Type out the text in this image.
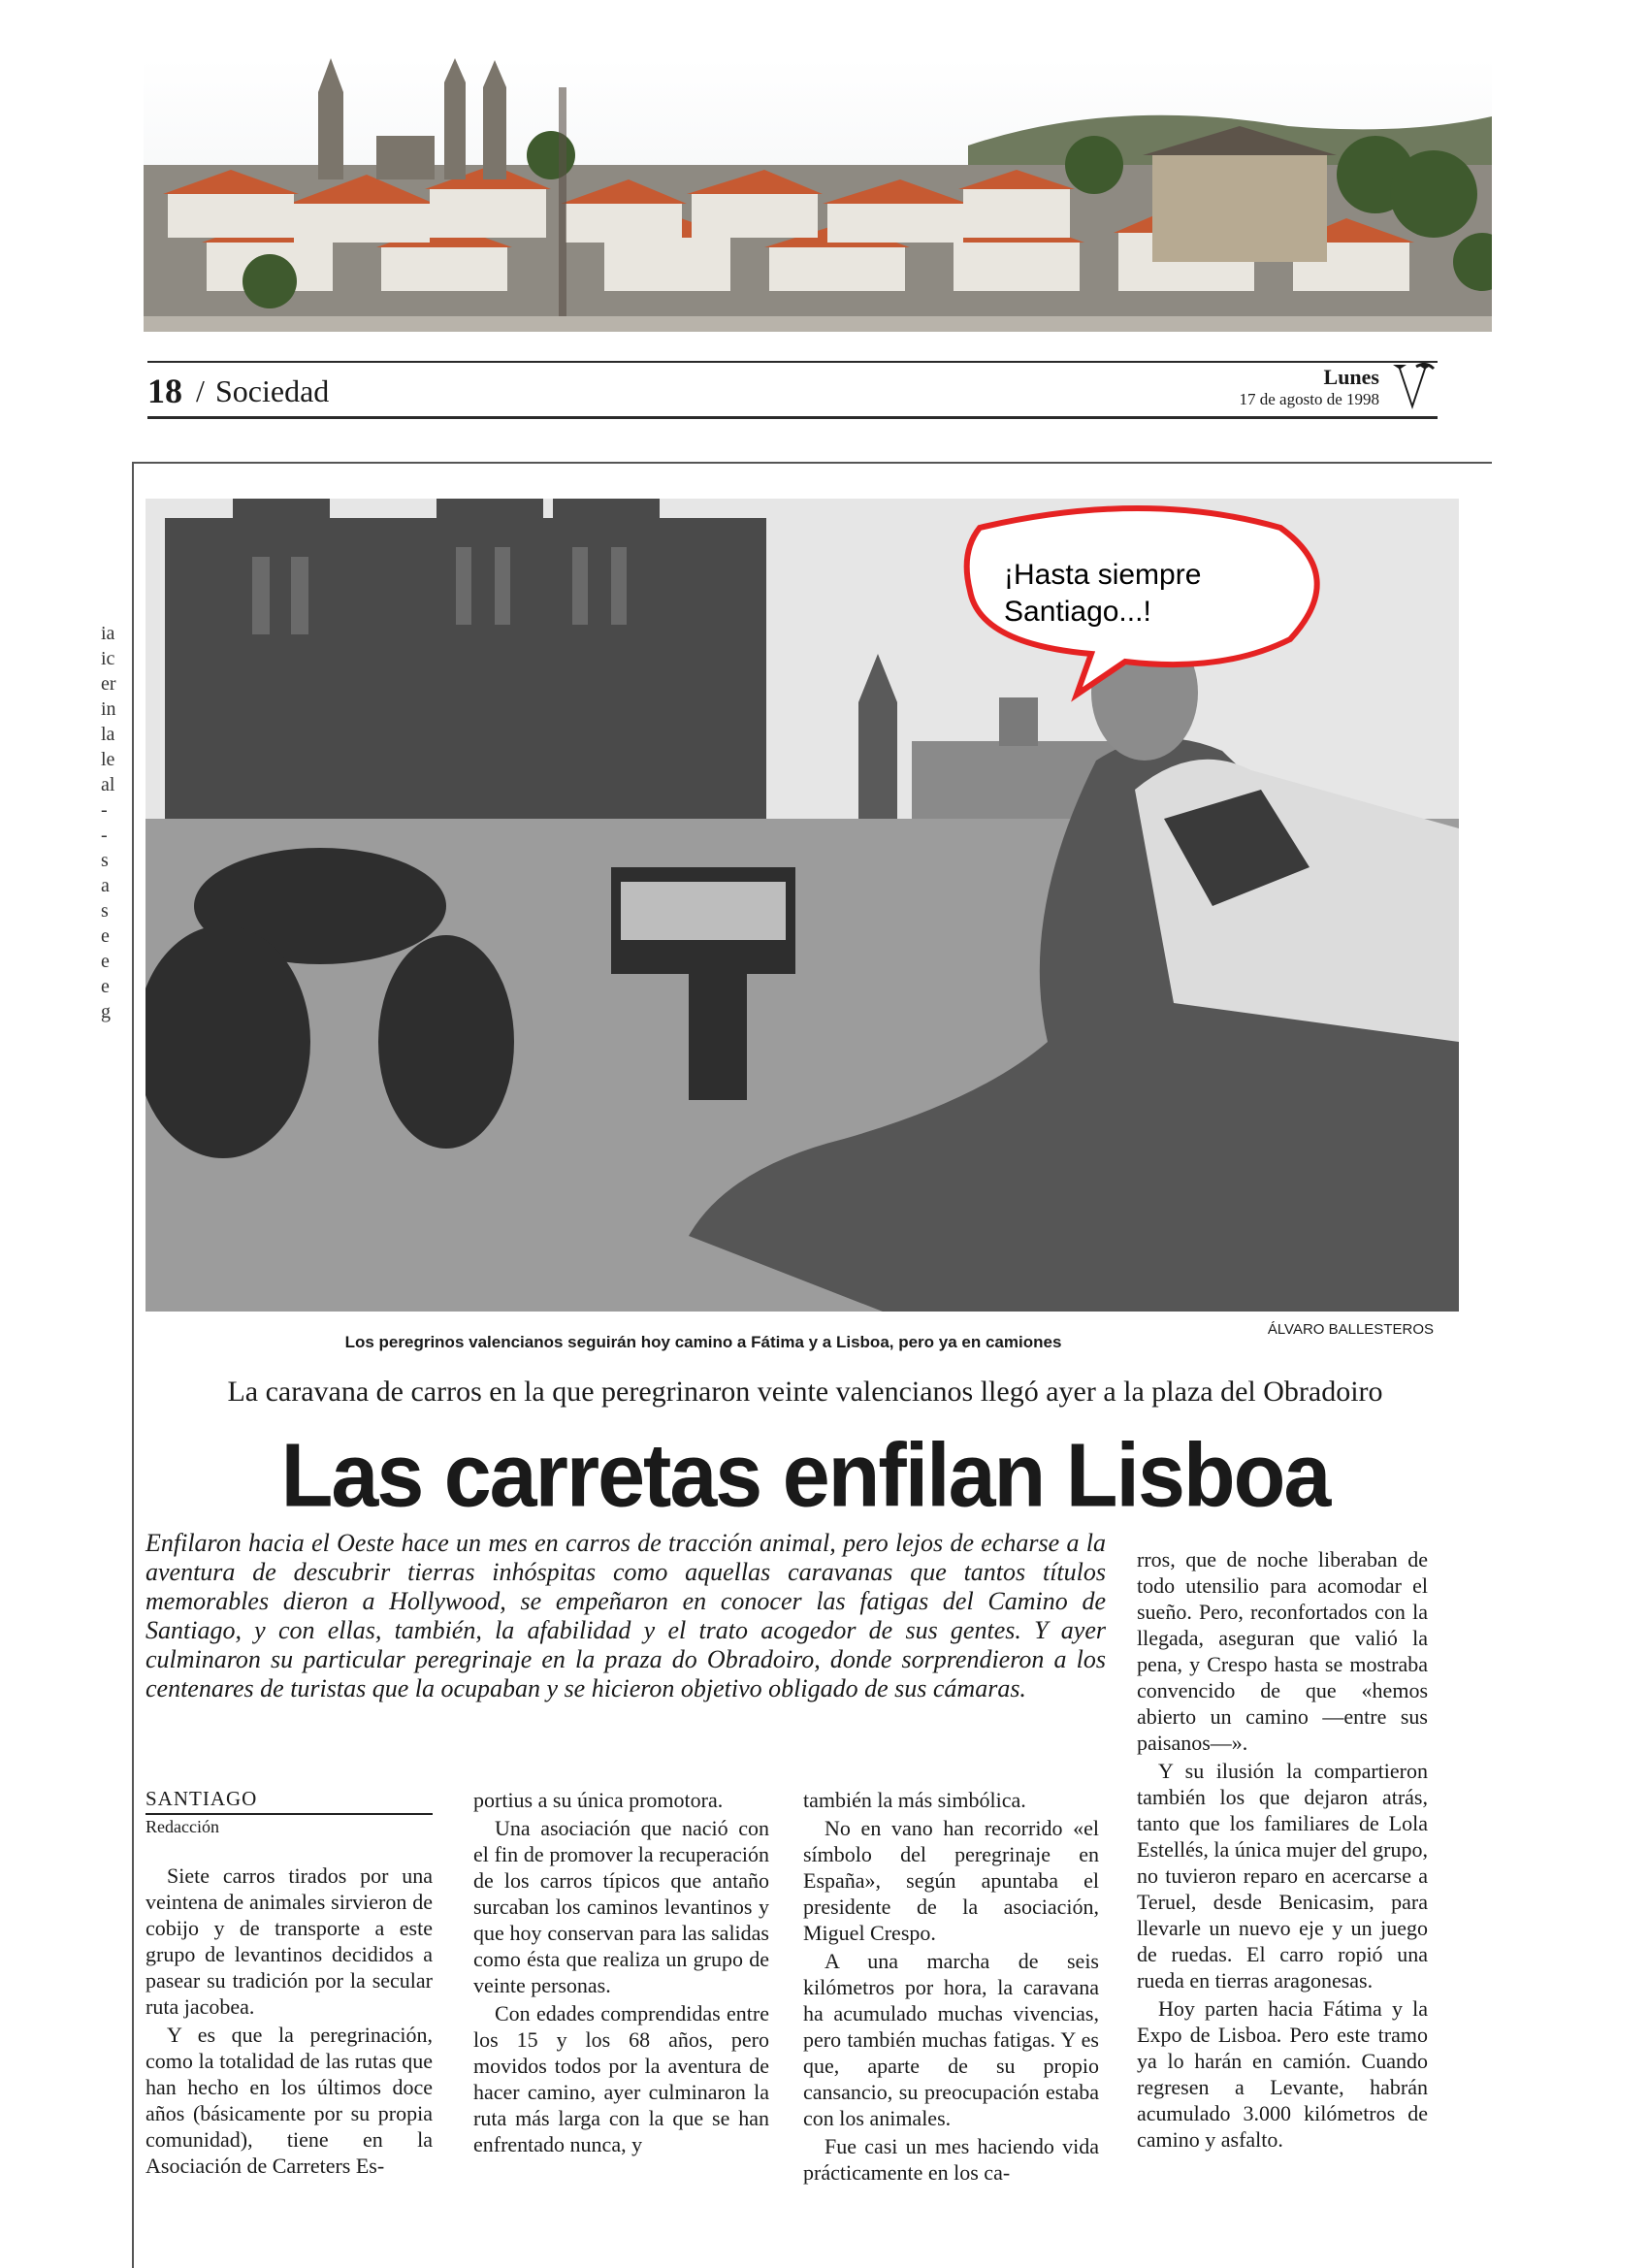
18 / Sociedad	Lunes
17 de agosto de 1998
ia
ic
er
in
la
le
al
-
-
s
a
s
e
e
e
g
¡Hasta siempre Santiago...!
Los peregrinos valencianos seguirán hoy camino a Fátima y a Lisboa, pero ya en camiones
ÁLVARO BALLESTEROS
La caravana de carros en la que peregrinaron veinte valencianos llegó ayer a la plaza del Obradoiro
Las carretas enfilan Lisboa
Enfilaron hacia el Oeste hace un mes en carros de tracción animal, pero lejos de echarse a la aventura de descubrir tierras inhóspitas como aquellas caravanas que tantos títulos memorables dieron a Hollywood, se empeñaron en conocer las fatigas del Camino de Santiago, y con ellas, también, la afabilidad y el trato acogedor de sus gentes. Y ayer culminaron su particular peregrinaje en la praza do Obradoiro, donde sorprendieron a los centenares de turistas que la ocupaban y se hicieron objetivo obligado de sus cámaras.
SANTIAGO
Redacción

Siete carros tirados por una veintena de animales sirvieron de cobijo y de transporte a este grupo de levantinos decididos a pasear su tradición por la secular ruta jacobea.

Y es que la peregrinación, como la totalidad de las rutas que han hecho en los últimos doce años (básicamente por su propia comunidad), tiene en la Asociación de Carreters Es-

portius a su única promotora.

Una asociación que nació con el fin de promover la recuperación de los carros típicos que antaño surcaban los caminos levantinos y que hoy conservan para las salidas como ésta que realiza un grupo de veinte personas.

Con edades comprendidas entre los 15 y los 68 años, pero movidos todos por la aventura de hacer camino, ayer culminaron la ruta más larga con la que se han enfrentado nunca, y

también la más simbólica.

No en vano han recorrido «el símbolo del peregrinaje en España», según apuntaba el presidente de la asociación, Miguel Crespo.

A una marcha de seis kilómetros por hora, la caravana ha acumulado muchas vivencias, pero también muchas fatigas. Y es que, aparte de su propio cansancio, su preocupación estaba con los animales.

Fue casi un mes haciendo vida prácticamente en los ca-

rros, que de noche liberaban de todo utensilio para acomodar el sueño. Pero, reconfortados con la llegada, aseguran que valió la pena, y Crespo hasta se mostraba convencido de que «hemos abierto un camino —entre sus paisanos—».

Y su ilusión la compartieron también los que dejaron atrás, tanto que los familiares de Lola Estellés, la única mujer del grupo, no tuvieron reparo en acercarse a Teruel, desde Benicasim, para llevarle un nuevo eje y un juego de ruedas. El carro ropió una rueda en tierras aragonesas.

Hoy parten hacia Fátima y la Expo de Lisboa. Pero este tramo ya lo harán en camión. Cuando regresen a Levante, habrán acumulado 3.000 kilómetros de camino y asfalto.
